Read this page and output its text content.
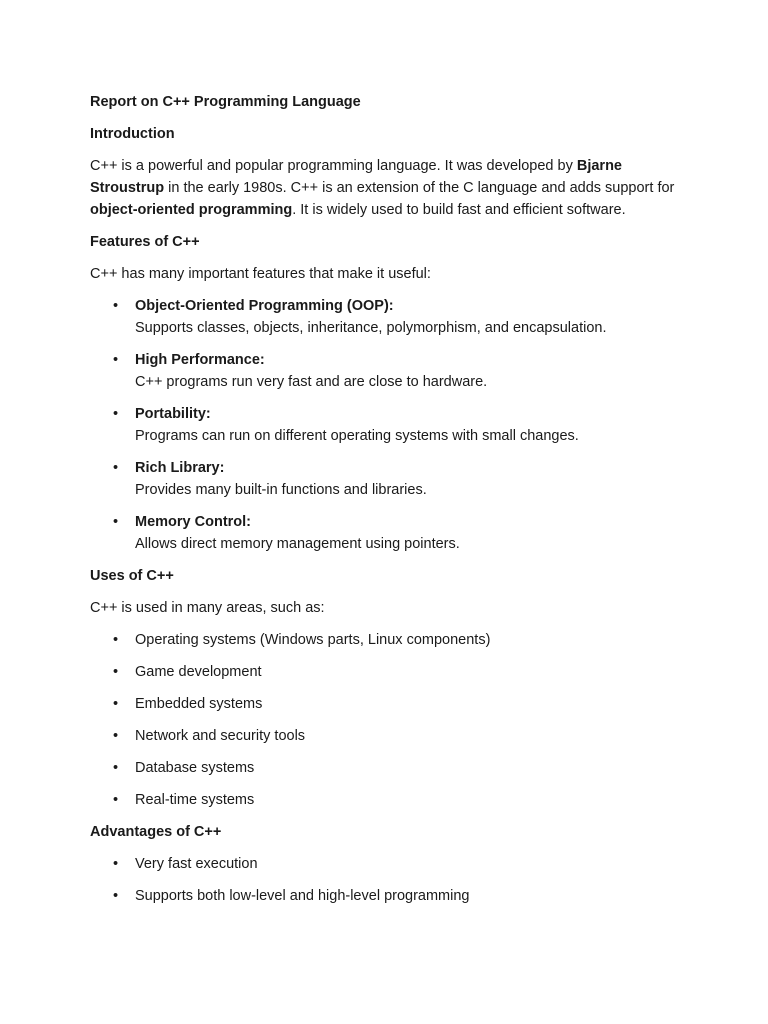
Report on C++ Programming Language

Introduction

C++ is a powerful and popular programming language. It was developed by Bjarne Stroustrup in the early 1980s. C++ is an extension of the C language and adds support for object-oriented programming. It is widely used to build fast and efficient software.

Features of C++

C++ has many important features that make it useful:

• Object-Oriented Programming (OOP):
Supports classes, objects, inheritance, polymorphism, and encapsulation.
• High Performance:
C++ programs run very fast and are close to hardware.
• Portability:
Programs can run on different operating systems with small changes.
• Rich Library:
Provides many built-in functions and libraries.
• Memory Control:
Allows direct memory management using pointers.

Uses of C++

C++ is used in many areas, such as:

• Operating systems (Windows parts, Linux components)
• Game development
• Embedded systems
• Network and security tools
• Database systems
• Real-time systems

Advantages of C++

• Very fast execution
• Supports both low-level and high-level programming
